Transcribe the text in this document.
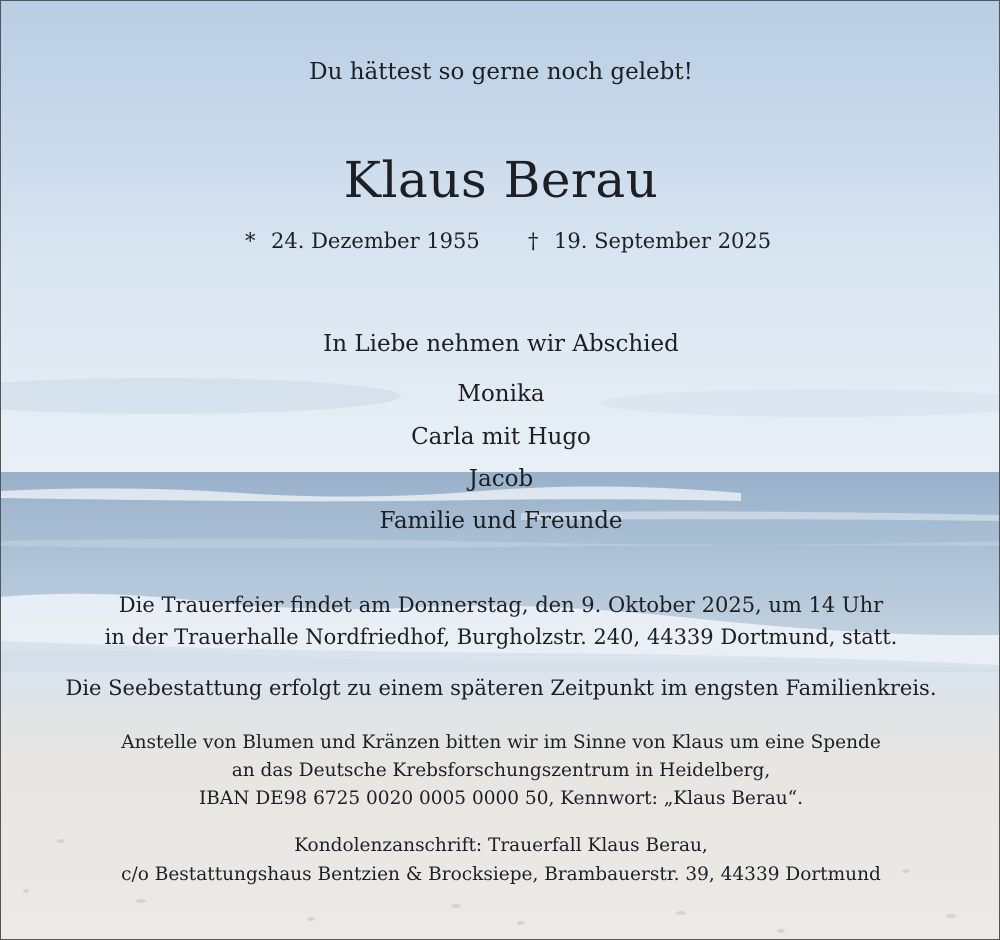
Du hättest so gerne noch gelebt!
Klaus Berau
* 24. Dezember 1955 † 19. September 2025
In Liebe nehmen wir Abschied
Monika
Carla mit Hugo
Jacob
Familie und Freunde
Die Trauerfeier findet am Donnerstag, den 9. Oktober 2025, um 14 Uhr
in der Trauerhalle Nordfriedhof, Burgholzstr. 240, 44339 Dortmund, statt.
Die Seebestattung erfolgt zu einem späteren Zeitpunkt im engsten Familienkreis.
Anstelle von Blumen und Kränzen bitten wir im Sinne von Klaus um eine Spende
an das Deutsche Krebsforschungszentrum in Heidelberg,
IBAN DE98 6725 0020 0005 0000 50, Kennwort: „Klaus Berau“.
Kondolenzanschrift: Trauerfall Klaus Berau,
c/o Bestattungshaus Bentzien & Brocksiepe, Brambauerstr. 39, 44339 Dortmund
